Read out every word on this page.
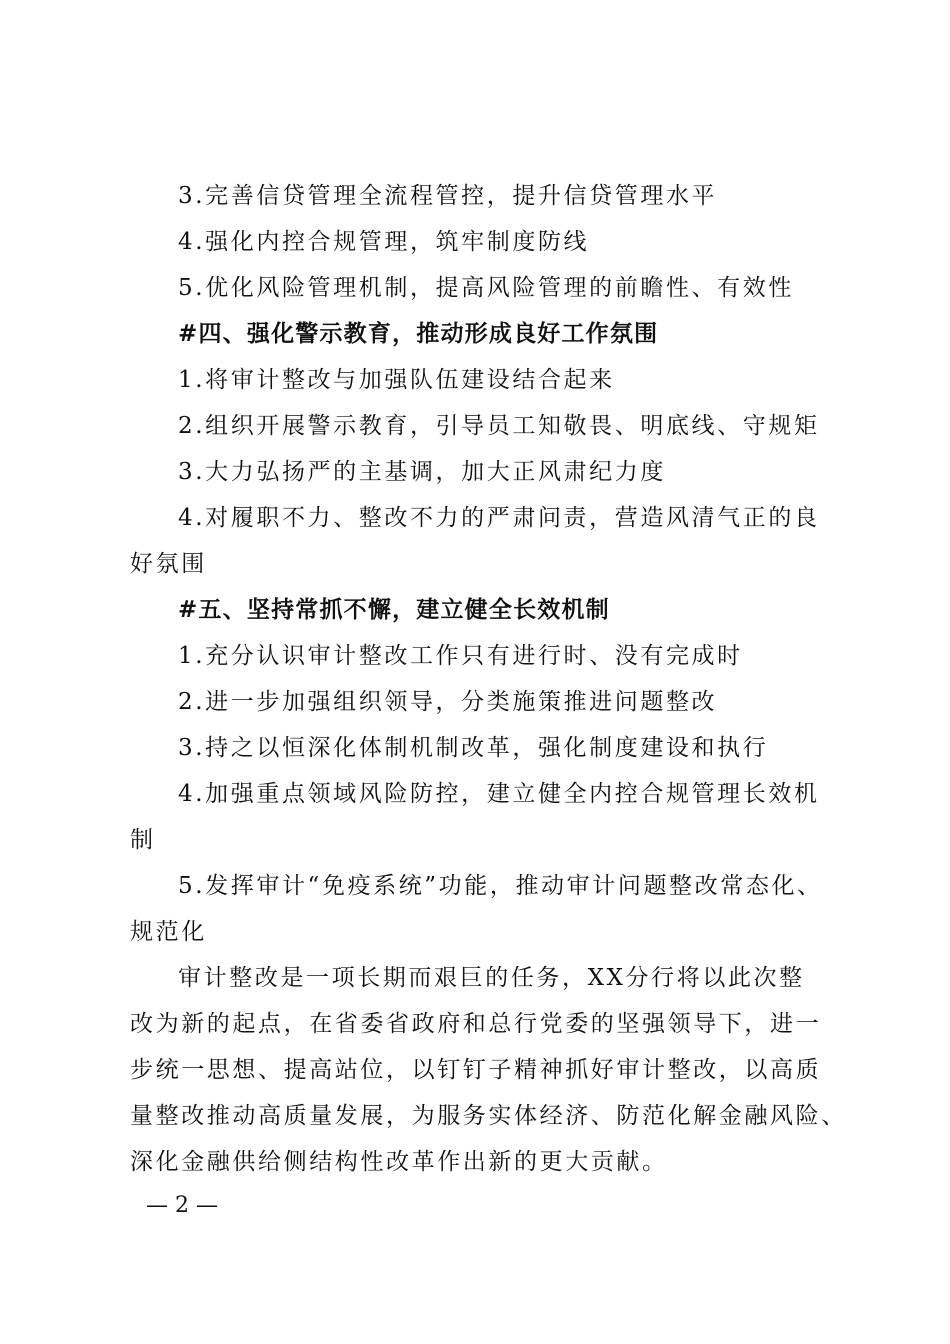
3.完善信贷管理全流程管控，提升信贷管理水平
4.强化内控合规管理，筑牢制度防线
5.优化风险管理机制，提高风险管理的前瞻性、有效性
#四、强化警示教育，推动形成良好工作氛围
1.将审计整改与加强队伍建设结合起来
2.组织开展警示教育，引导员工知敬畏、明底线、守规矩
3.大力弘扬严的主基调，加大正风肃纪力度
4.对履职不力、整改不力的严肃问责，营造风清气正的良
好氛围
#五、坚持常抓不懈，建立健全长效机制
1.充分认识审计整改工作只有进行时、没有完成时
2.进一步加强组织领导，分类施策推进问题整改
3.持之以恒深化体制机制改革，强化制度建设和执行
4.加强重点领域风险防控，建立健全内控合规管理长效机
制
5.发挥审计“免疫系统”功能，推动审计问题整改常态化、
规范化
审计整改是一项长期而艰巨的任务，XX分行将以此次整
改为新的起点，在省委省政府和总行党委的坚强领导下，进一
步统一思想、提高站位，以钉钉子精神抓好审计整改，以高质
量整改推动高质量发展，为服务实体经济、防范化解金融风险、
深化金融供给侧结构性改革作出新的更大贡献。
— 2 —
